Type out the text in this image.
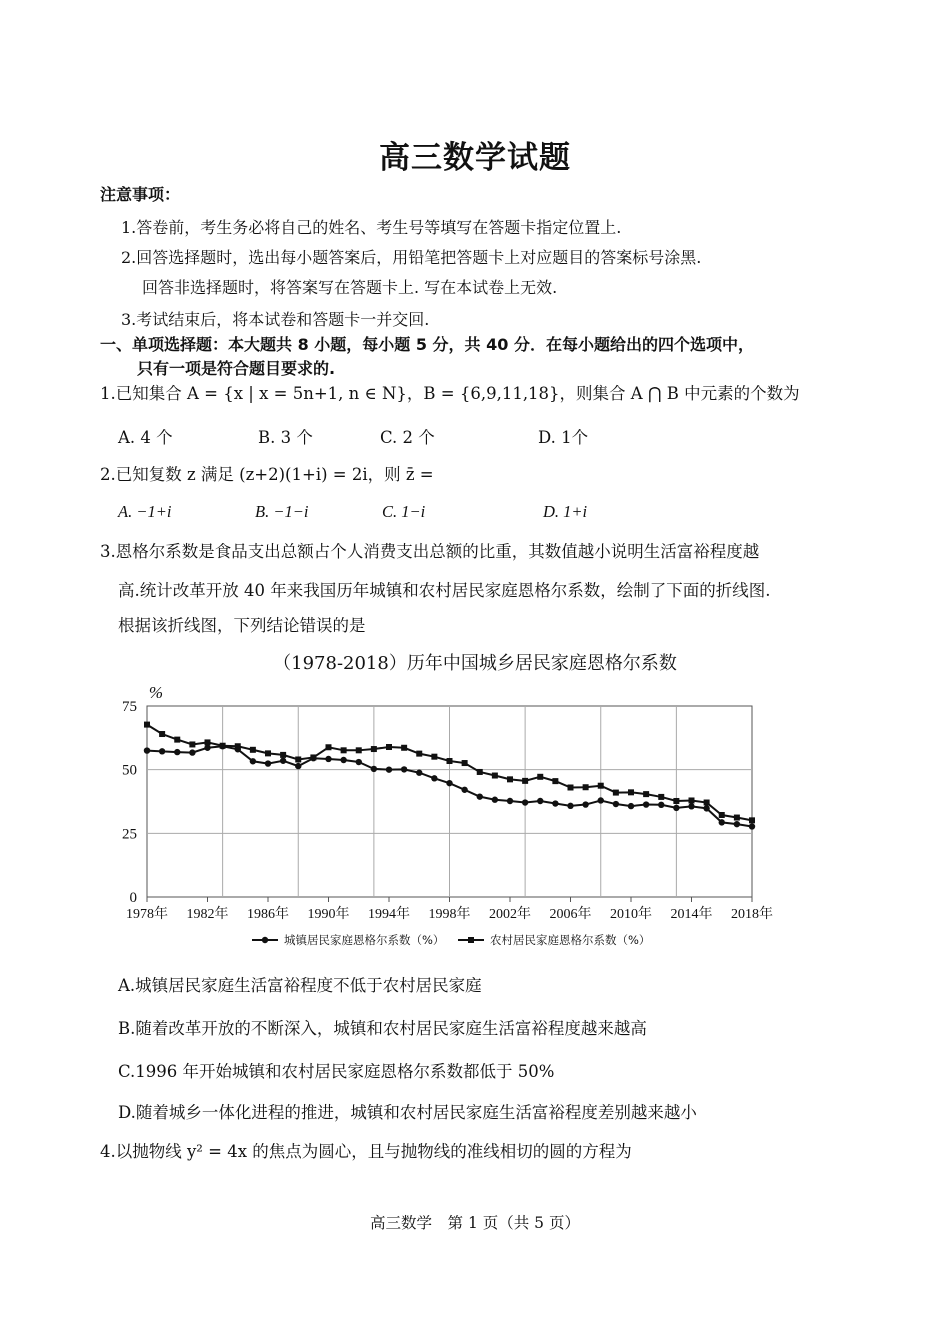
高三数学试题
注意事项：
1.答卷前，考生务必将自己的姓名、考生号等填写在答题卡指定位置上.
2.回答选择题时，选出每小题答案后，用铅笔把答题卡上对应题目的答案标号涂黑.
回答非选择题时，将答案写在答题卡上. 写在本试卷上无效.
3.考试结束后，将本试卷和答题卡一并交回.
一、单项选择题：本大题共 8 小题，每小题 5 分，共 40 分．在每小题给出的四个选项中，
只有一项是符合题目要求的.
1.已知集合 A = {x | x = 5n+1, n ∈ N}，B = {6,9,11,18}，则集合 A ⋂ B 中元素的个数为
A. 4 个	B. 3 个	C. 2 个	D. 1个
2.已知复数 z 满足 (z+2)(1+i) = 2i，则 z̄ =
A. −1+i	B. −1−i	C. 1−i	D. 1+i
3.恩格尔系数是食品支出总额占个人消费支出总额的比重，其数值越小说明生活富裕程度越
高.统计改革开放 40 年来我国历年城镇和农村居民家庭恩格尔系数，绘制了下面的折线图.
根据该折线图，下列结论错误的是
（1978-2018）历年中国城乡居民家庭恩格尔系数
0
25
50
75
1978年 1982年 1986年 1990年 1994年 1998年 2002年 2006年 2010年 2014年 2018年
%
城镇居民家庭恩格尔系数（%）	农村居民家庭恩格尔系数（%）
A.城镇居民家庭生活富裕程度不低于农村居民家庭
B.随着改革开放的不断深入，城镇和农村居民家庭生活富裕程度越来越高
C.1996 年开始城镇和农村居民家庭恩格尔系数都低于 50%
D.随着城乡一体化进程的推进，城镇和农村居民家庭生活富裕程度差别越来越小
4.以抛物线 y² = 4x 的焦点为圆心，且与抛物线的准线相切的圆的方程为
高三数学　第 1 页（共 5 页）
